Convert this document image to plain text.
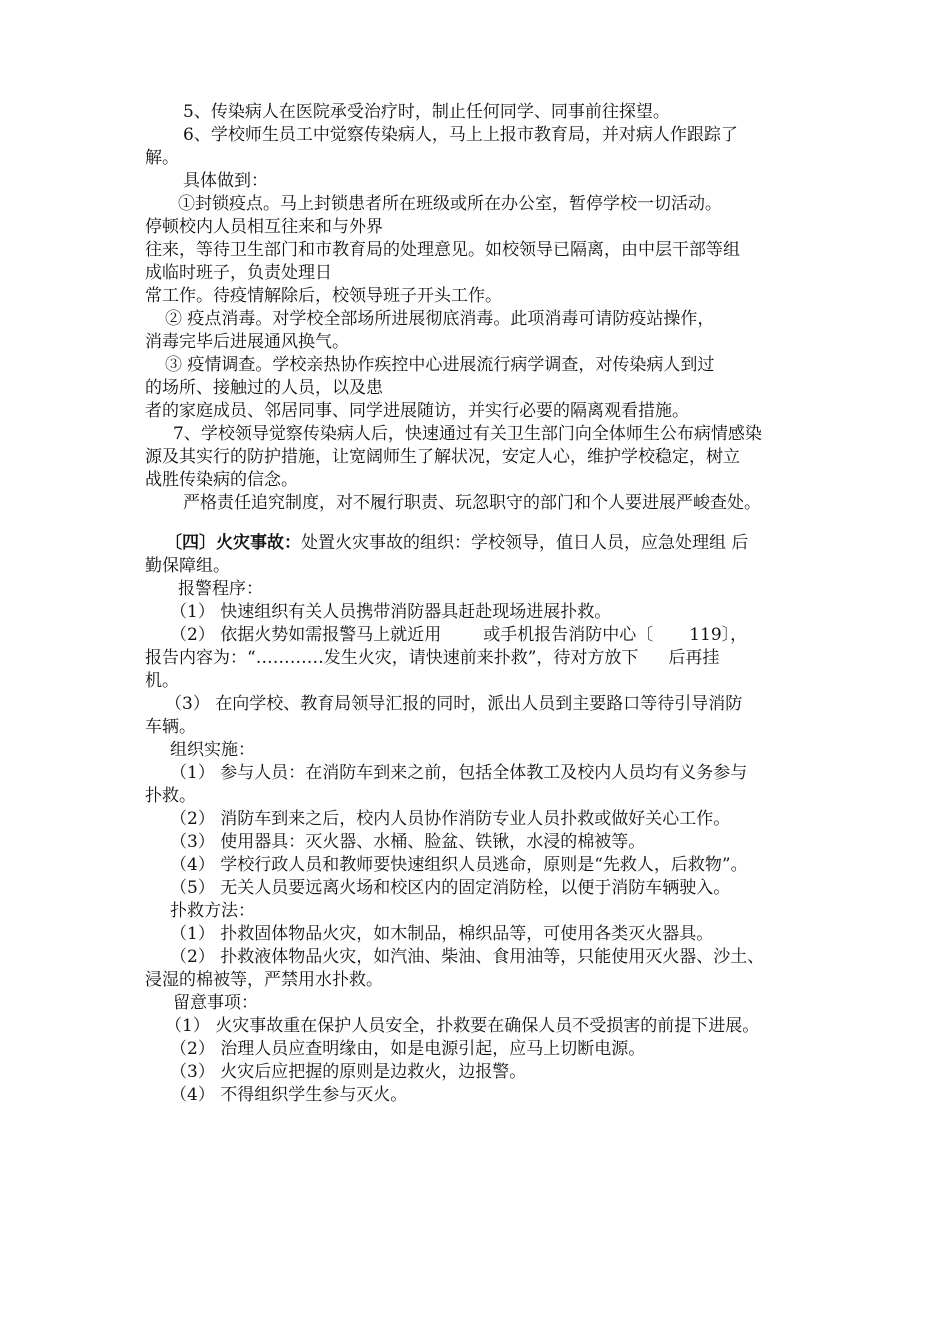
5、传染病人在医院承受治疗时，制止任何同学、同事前往探望。
6、学校师生员工中觉察传染病人，马上上报市教育局，并对病人作跟踪了
解。
具体做到：
①封锁疫点。马上封锁患者所在班级或所在办公室，暂停学校一切活动。
停顿校内人员相互往来和与外界
往来，等待卫生部门和市教育局的处理意见。如校领导已隔离，由中层干部等组
成临时班子，负责处理日
常工作。待疫情解除后，校领导班子开头工作。
② 疫点消毒。对学校全部场所进展彻底消毒。此项消毒可请防疫站操作，
消毒完毕后进展通风换气。
③ 疫情调查。学校亲热协作疾控中心进展流行病学调查，对传染病人到过
的场所、接触过的人员，以及患
者的家庭成员、邻居同事、同学进展随访，并实行必要的隔离观看措施。
7、学校领导觉察传染病人后，快速通过有关卫生部门向全体师生公布病情感染
源及其实行的防护措施，让宽阔师生了解状况，安定人心，维护学校稳定，树立
战胜传染病的信念。
严格责任追究制度，对不履行职责、玩忽职守的部门和个人要进展严峻查处。
〔四〕火灾事故：处置火灾事故的组织：学校领导，值日人员，应急处理组 后
勤保障组。
报警程序：
（1） 快速组织有关人员携带消防器具赶赴现场进展扑救。
（2） 依据火势如需报警马上就近用 或手机报告消防中心〔 119〕，
报告内容为：“…………发生火灾，请快速前来扑救”，待对方放下 后再挂
机。
（3） 在向学校、教育局领导汇报的同时，派出人员到主要路口等待引导消防
车辆。
组织实施：
（1） 参与人员：在消防车到来之前，包括全体教工及校内人员均有义务参与
扑救。
（2） 消防车到来之后，校内人员协作消防专业人员扑救或做好关心工作。
（3） 使用器具：灭火器、水桶、脸盆、铁锹，水浸的棉被等。
（4） 学校行政人员和教师要快速组织人员逃命，原则是“先救人，后救物”。
（5） 无关人员要远离火场和校区内的固定消防栓，以便于消防车辆驶入。
扑救方法：
（1） 扑救固体物品火灾，如木制品，棉织品等，可使用各类灭火器具。
（2） 扑救液体物品火灾，如汽油、柴油、食用油等，只能使用灭火器、沙土、
浸湿的棉被等，严禁用水扑救。
留意事项：
（1） 火灾事故重在保护人员安全，扑救要在确保人员不受损害的前提下进展。
（2） 治理人员应查明缘由，如是电源引起，应马上切断电源。
（3） 火灾后应把握的原则是边救火，边报警。
（4） 不得组织学生参与灭火。
